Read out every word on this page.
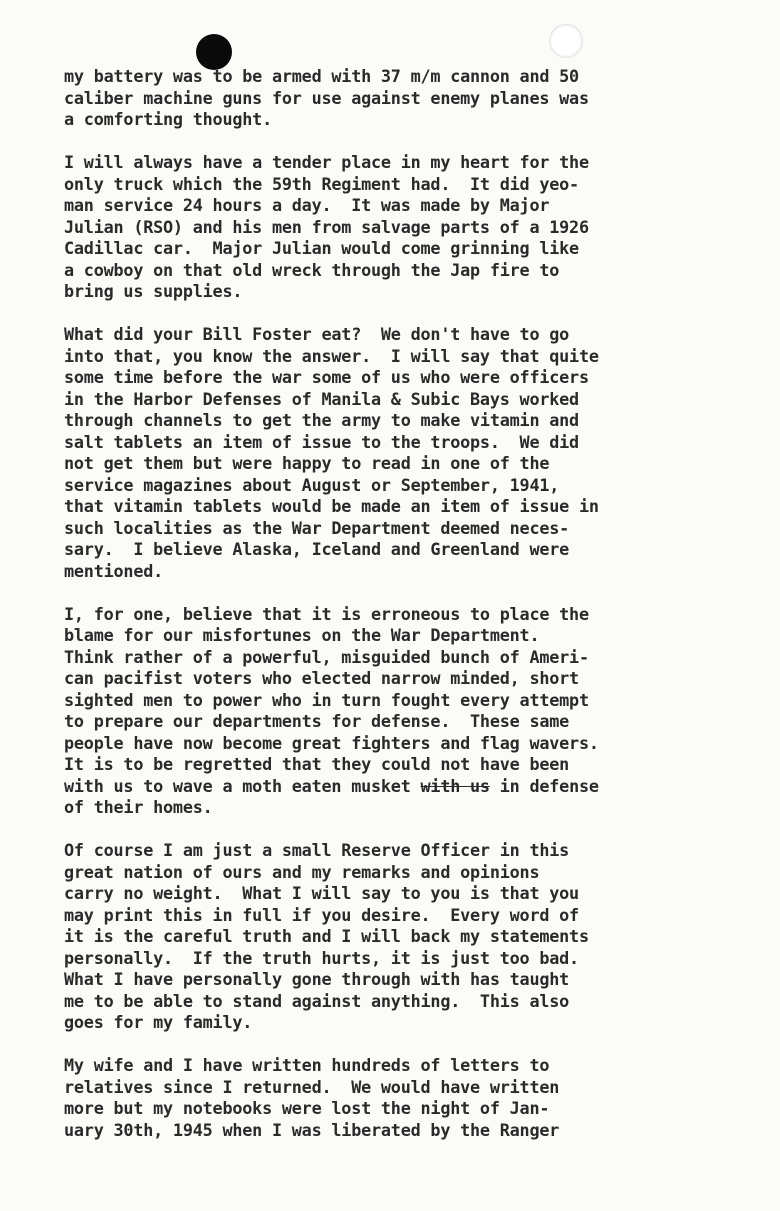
my battery was to be armed with 37 m/m cannon and 50
caliber machine guns for use against enemy planes was
a comforting thought.
I will always have a tender place in my heart for the
only truck which the 59th Regiment had.  It did yeo-
man service 24 hours a day.  It was made by Major
Julian (RSO) and his men from salvage parts of a 1926
Cadillac car.  Major Julian would come grinning like
a cowboy on that old wreck through the Jap fire to
bring us supplies.
What did your Bill Foster eat?  We don't have to go
into that, you know the answer.  I will say that quite
some time before the war some of us who were officers
in the Harbor Defenses of Manila & Subic Bays worked
through channels to get the army to make vitamin and
salt tablets an item of issue to the troops.  We did
not get them but were happy to read in one of the
service magazines about August or September, 1941,
that vitamin tablets would be made an item of issue in
such localities as the War Department deemed neces-
sary.  I believe Alaska, Iceland and Greenland were
mentioned.
I, for one, believe that it is erroneous to place the
blame for our misfortunes on the War Department.
Think rather of a powerful, misguided bunch of Ameri-
can pacifist voters who elected narrow minded, short
sighted men to power who in turn fought every attempt
to prepare our departments for defense.  These same
people have now become great fighters and flag wavers.
It is to be regretted that they could not have been
with us to wave a moth eaten musket with us in defense
of their homes.
Of course I am just a small Reserve Officer in this
great nation of ours and my remarks and opinions
carry no weight.  What I will say to you is that you
may print this in full if you desire.  Every word of
it is the careful truth and I will back my statements
personally.  If the truth hurts, it is just too bad.
What I have personally gone through with has taught
me to be able to stand against anything.  This also
goes for my family.
My wife and I have written hundreds of letters to
relatives since I returned.  We would have written
more but my notebooks were lost the night of Jan-
uary 30th, 1945 when I was liberated by the Ranger
